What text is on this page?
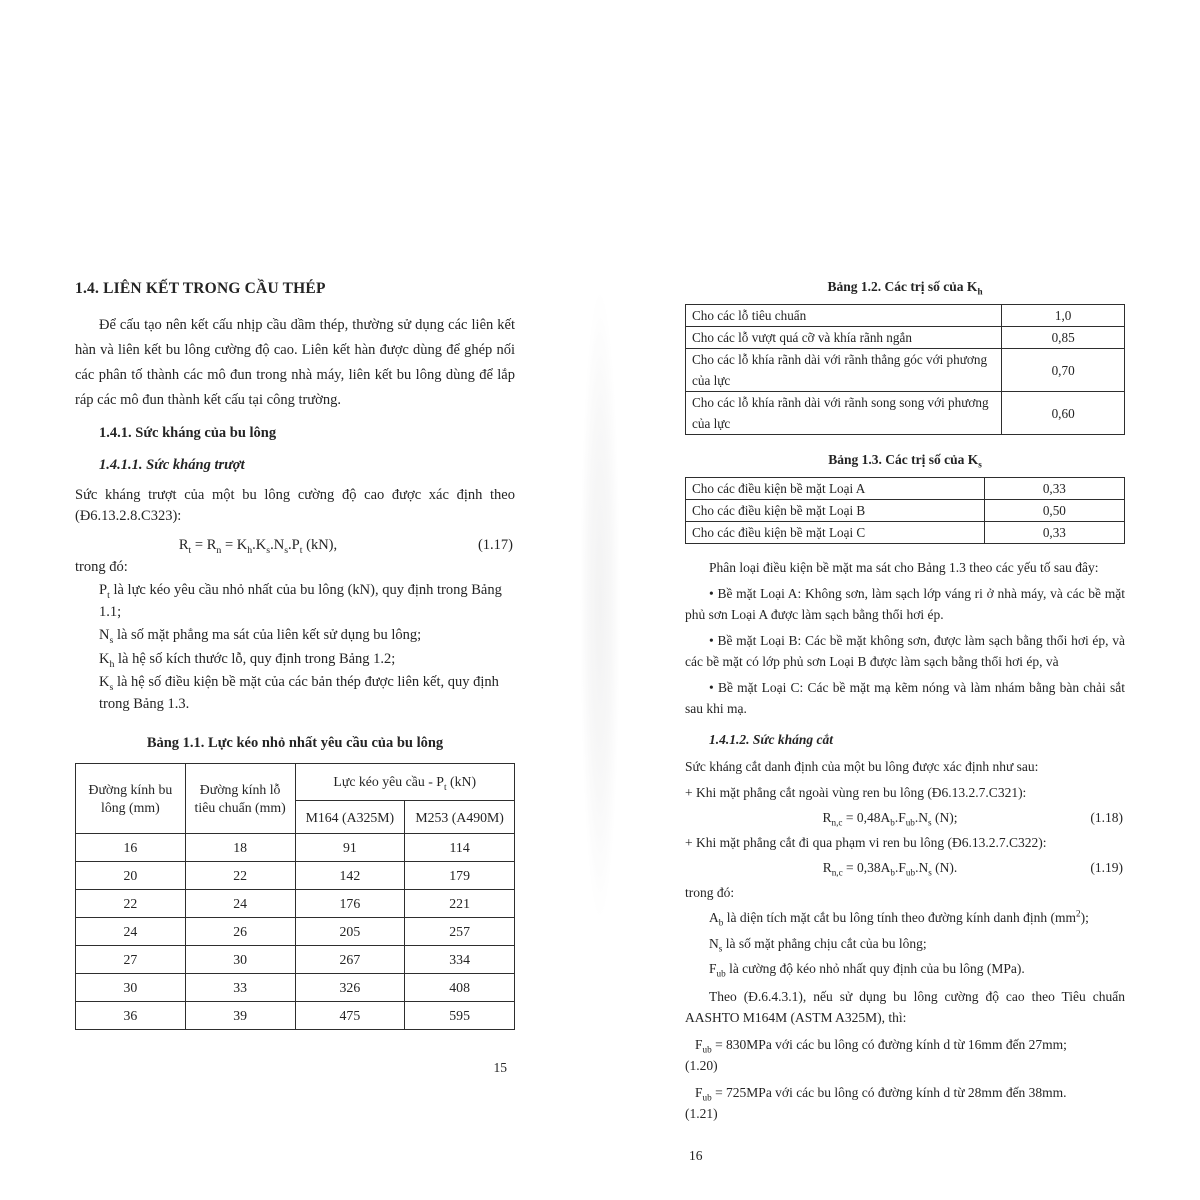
1.4. LIÊN KẾT TRONG CẦU THÉP

Để cấu tạo nên kết cấu nhịp cầu dầm thép, thường sử dụng các liên kết hàn và liên kết bu lông cường độ cao. Liên kết hàn được dùng để ghép nối các phân tố thành các mô đun trong nhà máy, liên kết bu lông dùng để lắp ráp các mô đun thành kết cấu tại công trường.

1.4.1. Sức kháng của bu lông

1.4.1.1. Sức kháng trượt

Sức kháng trượt của một bu lông cường độ cao được xác định theo
(Đ6.13.2.8.C323):
$R_t = R_n = K_h.K_s.N_s.P_t$ (kN),	(1.17)

trong đó:

$P_t$ là lực kéo yêu cầu nhỏ nhất của bu lông (kN), quy định trong Bảng 1.1;

$N_s$ là số mặt phẳng ma sát của liên kết sử dụng bu lông;

$K_h$ là hệ số kích thước lỗ, quy định trong Bảng 1.2;

$K_s$ là hệ số điều kiện bề mặt của các bản thép được liên kết, quy định trong Bảng 1.3.

Bảng 1.1. Lực kéo nhỏ nhất yêu cầu của bu lông

Đường kính bu lông (mm)	Đường kính lỗ tiêu chuẩn (mm)	Lực kéo yêu cầu - $P_t$ (kN)	
		M164 (A325M)	M253 (A490M)
16	18	91	114
20	22	142	179
22	24	176	221
24	26	205	257
27	30	267	334
30	33	326	408
36	39	475	595

15

Bảng 1.2. Các trị số của $K_h$

Cho các lỗ tiêu chuẩn	1,0
Cho các lỗ vượt quá cỡ và khía rãnh ngắn	0,85
Cho các lỗ khía rãnh dài với rãnh thẳng góc với phương của lực	0,70
Cho các lỗ khía rãnh dài với rãnh song song với phương của lực	0,60

Bảng 1.3. Các trị số của $K_s$

Cho các điều kiện bề mặt Loại A	0,33
Cho các điều kiện bề mặt Loại B	0,50
Cho các điều kiện bề mặt Loại C	0,33

Phân loại điều kiện bề mặt ma sát cho Bảng 1.3 theo các yếu tố sau đây:

• Bề mặt Loại A: Không sơn, làm sạch lớp váng ri ở nhà máy, và các bề mặt phủ sơn Loại A được làm sạch bằng thổi hơi ép.

• Bề mặt Loại B: Các bề mặt không sơn, được làm sạch bằng thổi hơi ép, và các bề mặt có lớp phủ sơn Loại B được làm sạch bằng thổi hơi ép, và

• Bề mặt Loại C: Các bề mặt mạ kẽm nóng và làm nhám bằng bàn chải sắt sau khi mạ.

1.4.1.2. Sức kháng cắt

Sức kháng cắt danh định của một bu lông được xác định như sau:

+ Khi mặt phẳng cắt ngoài vùng ren bu lông (Đ6.13.2.7.C321):

$R_{n,c} = 0,48A_b.F_{ub}.N_s$ (N);	(1.18)

+ Khi mặt phẳng cắt đi qua phạm vi ren bu lông (Đ6.13.2.7.C322):

$R_{n,c} = 0,38A_b.F_{ub}.N_s$ (N).	(1.19)

trong đó:

$A_b$ là diện tích mặt cắt bu lông tính theo đường kính danh định $(mm^2)$;

$N_s$ là số mặt phẳng chịu cắt của bu lông;

$F_{ub}$ là cường độ kéo nhỏ nhất quy định của bu lông (MPa).

Theo (Đ.6.4.3.1), nếu sử dụng bu lông cường độ cao theo Tiêu chuẩn AASHTO M164M (ASTM A325M), thì:

$F_{ub} = 830MPa$ với các bu lông có đường kính d từ 16mm đến 27mm;
(1.20)
$F_{ub} = 725MPa$ với các bu lông có đường kính d từ 28mm đến 38mm.
(1.21)

16
